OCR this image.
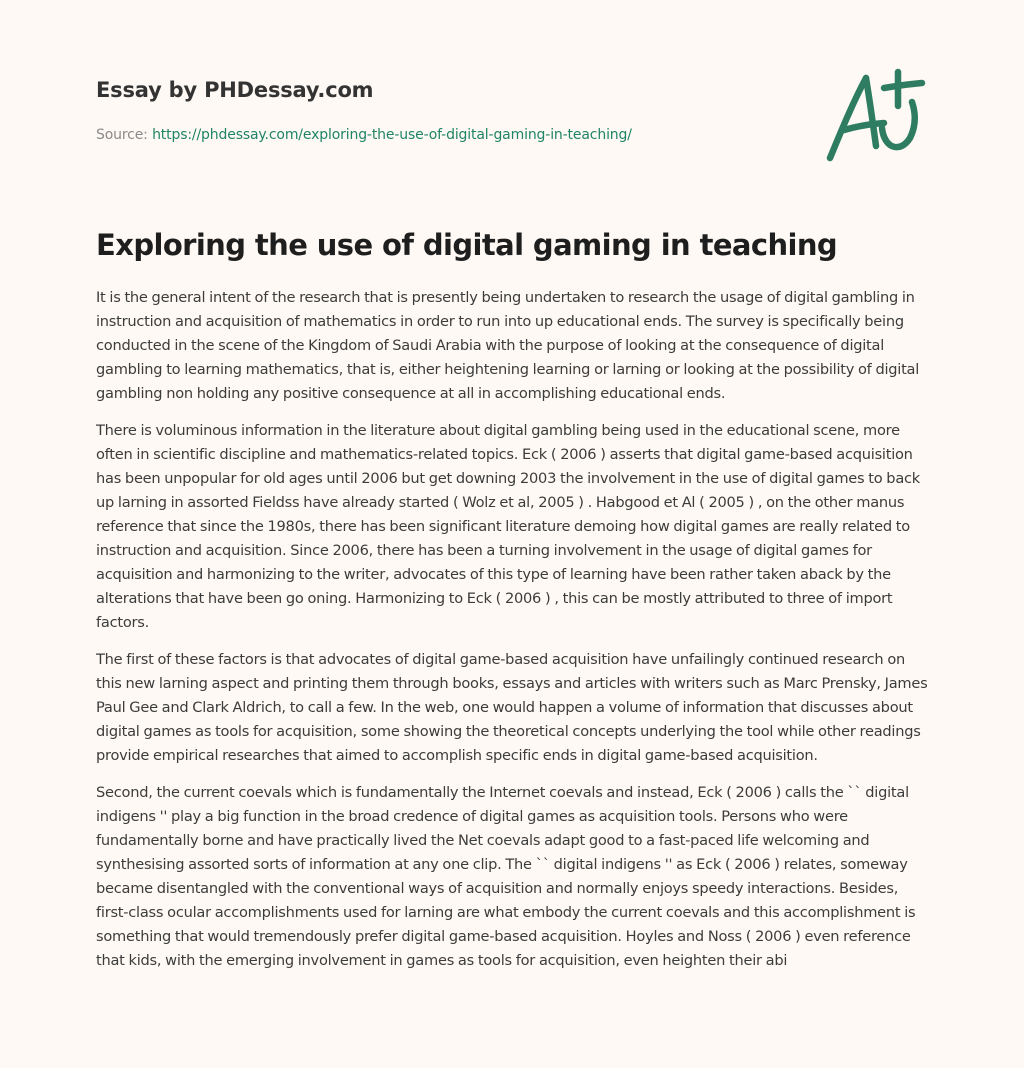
Essay by PHDessay.com
Source: https://phdessay.com/exploring-the-use-of-digital-gaming-in-teaching/
Exploring the use of digital gaming in teaching

It is the general intent of the research that is presently being undertaken to research the usage of digital gambling in instruction and acquisition of mathematics in order to run into up educational ends. The survey is specifically being conducted in the scene of the Kingdom of Saudi Arabia with the purpose of looking at the consequence of digital gambling to learning mathematics, that is, either heightening learning or larning or looking at the possibility of digital gambling non holding any positive consequence at all in accomplishing educational ends.

There is voluminous information in the literature about digital gambling being used in the educational scene, more often in scientific discipline and mathematics-related topics. Eck ( 2006 ) asserts that digital game-based acquisition has been unpopular for old ages until 2006 but get downing 2003 the involvement in the use of digital games to back up larning in assorted Fieldss have already started ( Wolz et al, 2005 ) . Habgood et Al ( 2005 ) , on the other manus reference that since the 1980s, there has been significant literature demoing how digital games are really related to instruction and acquisition. Since 2006, there has been a turning involvement in the usage of digital games for acquisition and harmonizing to the writer, advocates of this type of learning have been rather taken aback by the alterations that have been go oning. Harmonizing to Eck ( 2006 ) , this can be mostly attributed to three of import factors.

The first of these factors is that advocates of digital game-based acquisition have unfailingly continued research on this new larning aspect and printing them through books, essays and articles with writers such as Marc Prensky, James Paul Gee and Clark Aldrich, to call a few. In the web, one would happen a volume of information that discusses about digital games as tools for acquisition, some showing the theoretical concepts underlying the tool while other readings provide empirical researches that aimed to accomplish specific ends in digital game-based acquisition.

Second, the current coevals which is fundamentally the Internet coevals and instead, Eck ( 2006 ) calls the `` digital indigens '' play a big function in the broad credence of digital games as acquisition tools. Persons who were fundamentally borne and have practically lived the Net coevals adapt good to a fast-paced life welcoming and synthesising assorted sorts of information at any one clip. The `` digital indigens '' as Eck ( 2006 ) relates, someway became disentangled with the conventional ways of acquisition and normally enjoys speedy interactions. Besides, first-class ocular accomplishments used for larning are what embody the current coevals and this accomplishment is something that would tremendously prefer digital game-based acquisition. Hoyles and Noss ( 2006 ) even reference that kids, with the emerging involvement in games as tools for acquisition, even heighten their abi
